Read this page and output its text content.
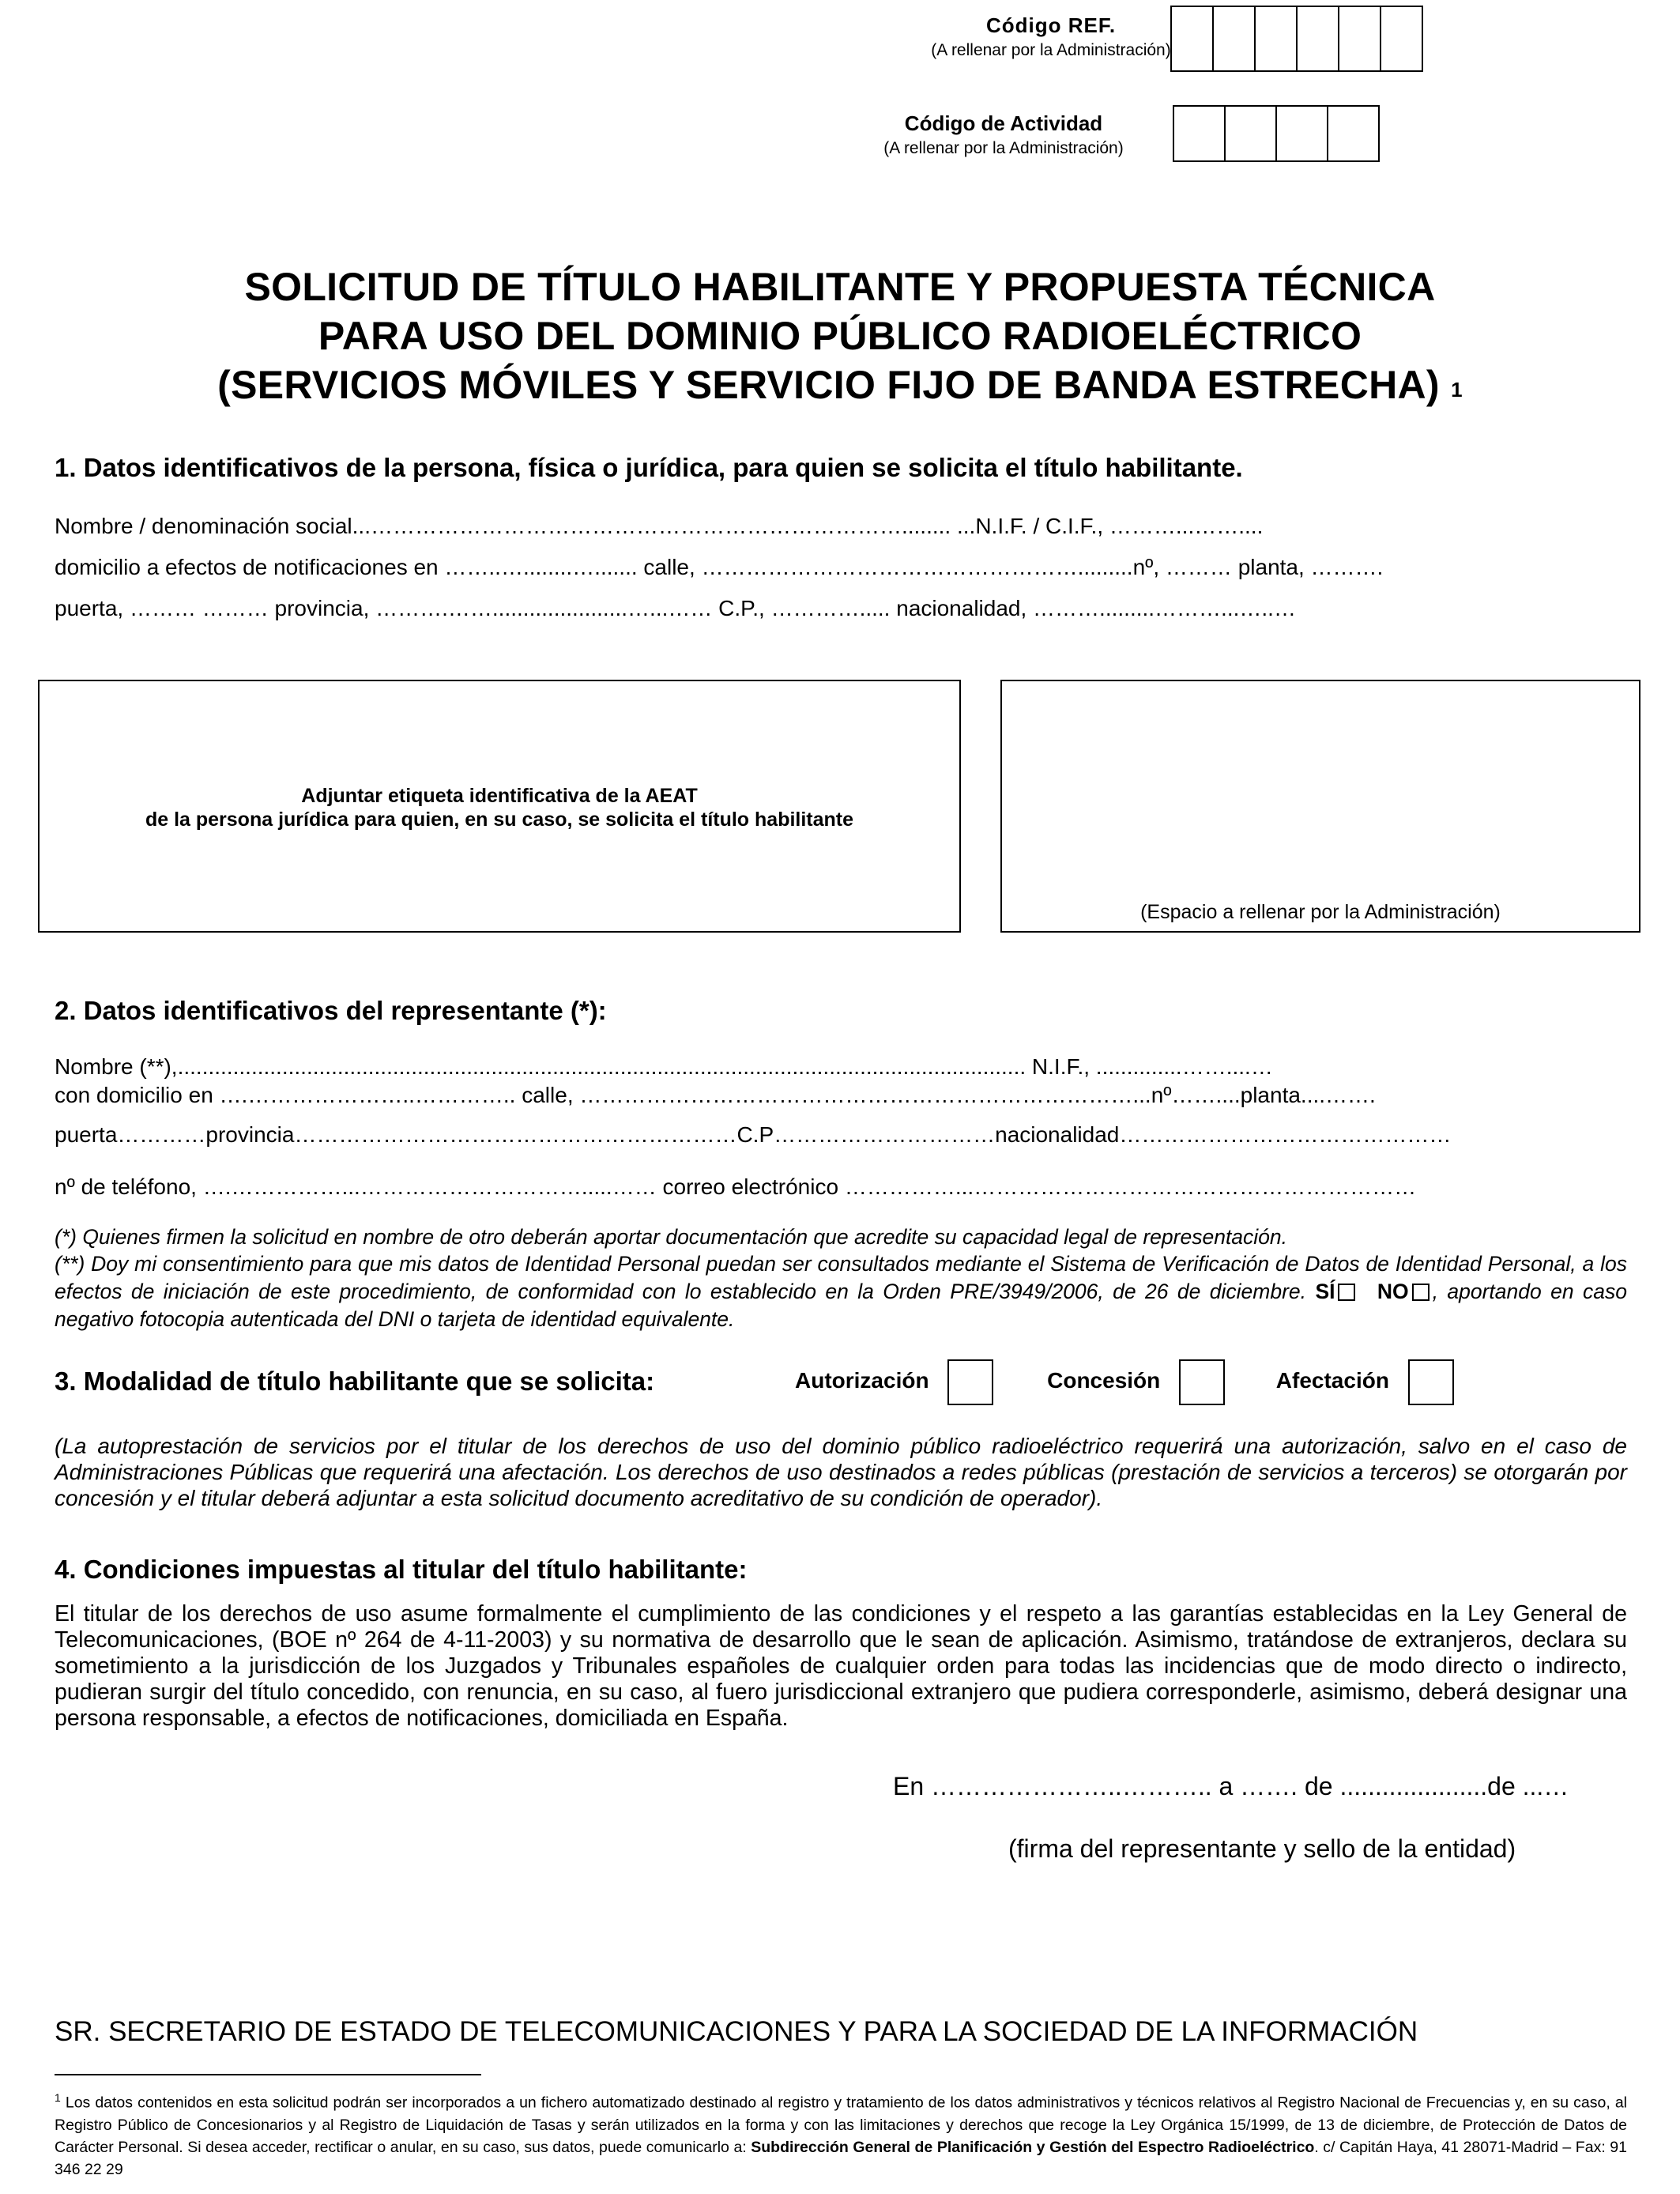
Código REF.
(A rellenar por la Administración)
Código de Actividad
(A rellenar por la Administración)
SOLICITUD DE TÍTULO HABILITANTE Y PROPUESTA TÉCNICA
PARA USO DEL DOMINIO PÚBLICO RADIOELÉCTRICO
(SERVICIOS MÓVILES Y SERVICIO FIJO DE BANDA ESTRECHA) $^1$
1. Datos identificativos de la persona, física o jurídica, para quien se solicita el título habilitante.
Nombre / denominación social...………………………………………………………………........ ...N.I.F. / C.I.F., ………...……....
domicilio a efectos de notificaciones en ……..…........…....... calle, …………………………………………….........nº, ……… planta, ……….
puerta, ……… ……… provincia, ……….……......................…...…… C.P., …………..... nacionalidad, ……….........………...…..…
Adjuntar etiqueta identificativa de la AEAT
de la persona jurídica para quien, en su caso, se solicita el título habilitante
(Espacio a rellenar por la Administración)
2. Datos identificativos del representante (*):
Nombre (**),.......................................................................................................................................... N.I.F., ..............……....…
con domicilio en ….…………………..………….. calle, …………………………………………………………………...nº……....planta....…….
puerta…………provincia……………………………………………………C.P…………………………nacionalidad………………………………………
nº de teléfono, ….……………...………………………….....…… correo electrónico ……………...……………………………………………………
(*) Quienes firmen la solicitud en nombre de otro deberán aportar documentación que acredite su capacidad legal de representación.
(**) Doy mi consentimiento para que mis datos de Identidad Personal puedan ser consultados mediante el Sistema de Verificación de Datos de Identidad Personal, a los efectos de iniciación de este procedimiento, de conformidad con lo establecido en la Orden PRE/3949/2006, de 26 de diciembre. SÍ NO , aportando en caso negativo fotocopia autenticada del DNI o tarjeta de identidad equivalente.
3. Modalidad de título habilitante que se solicita:	Autorización	Concesión	Afectación
(La autoprestación de servicios por el titular de los derechos de uso del dominio público radioeléctrico requerirá una autorización, salvo en el caso de Administraciones Públicas que requerirá una afectación. Los derechos de uso destinados a redes públicas (prestación de servicios a terceros) se otorgarán por concesión y el titular deberá adjuntar a esta solicitud documento acreditativo de su condición de operador).
4. Condiciones impuestas al titular del título habilitante:
El titular de los derechos de uso asume formalmente el cumplimiento de las condiciones y el respeto a las garantías establecidas en la Ley General de Telecomunicaciones, (BOE nº 264 de 4-11-2003) y su normativa de desarrollo que le sean de aplicación. Asimismo, tratándose de extranjeros, declara su sometimiento a la jurisdicción de los Juzgados y Tribunales españoles de cualquier orden para todas las incidencias que de modo directo o indirecto, pudieran surgir del título concedido, con renuncia, en su caso, al fuero jurisdiccional extranjero que pudiera corresponderle, asimismo, deberá designar una persona responsable, a efectos de notificaciones, domiciliada en España.
En …………………..……….. a ……. de .....................de ...…
(firma del representante y sello de la entidad)
SR. SECRETARIO DE ESTADO DE TELECOMUNICACIONES Y PARA LA SOCIEDAD DE LA INFORMACIÓN
$^1$ Los datos contenidos en esta solicitud podrán ser incorporados a un fichero automatizado destinado al registro y tratamiento de los datos administrativos y técnicos relativos al Registro Nacional de Frecuencias y, en su caso, al Registro Público de Concesionarios y al Registro de Liquidación de Tasas y serán utilizados en la forma y con las limitaciones y derechos que recoge la Ley Orgánica 15/1999, de 13 de diciembre, de Protección de Datos de Carácter Personal. Si desea acceder, rectificar o anular, en su caso, sus datos, puede comunicarlo a: Subdirección General de Planificación y Gestión del Espectro Radioeléctrico. c/ Capitán Haya, 41 28071-Madrid – Fax: 91 346 22 29
